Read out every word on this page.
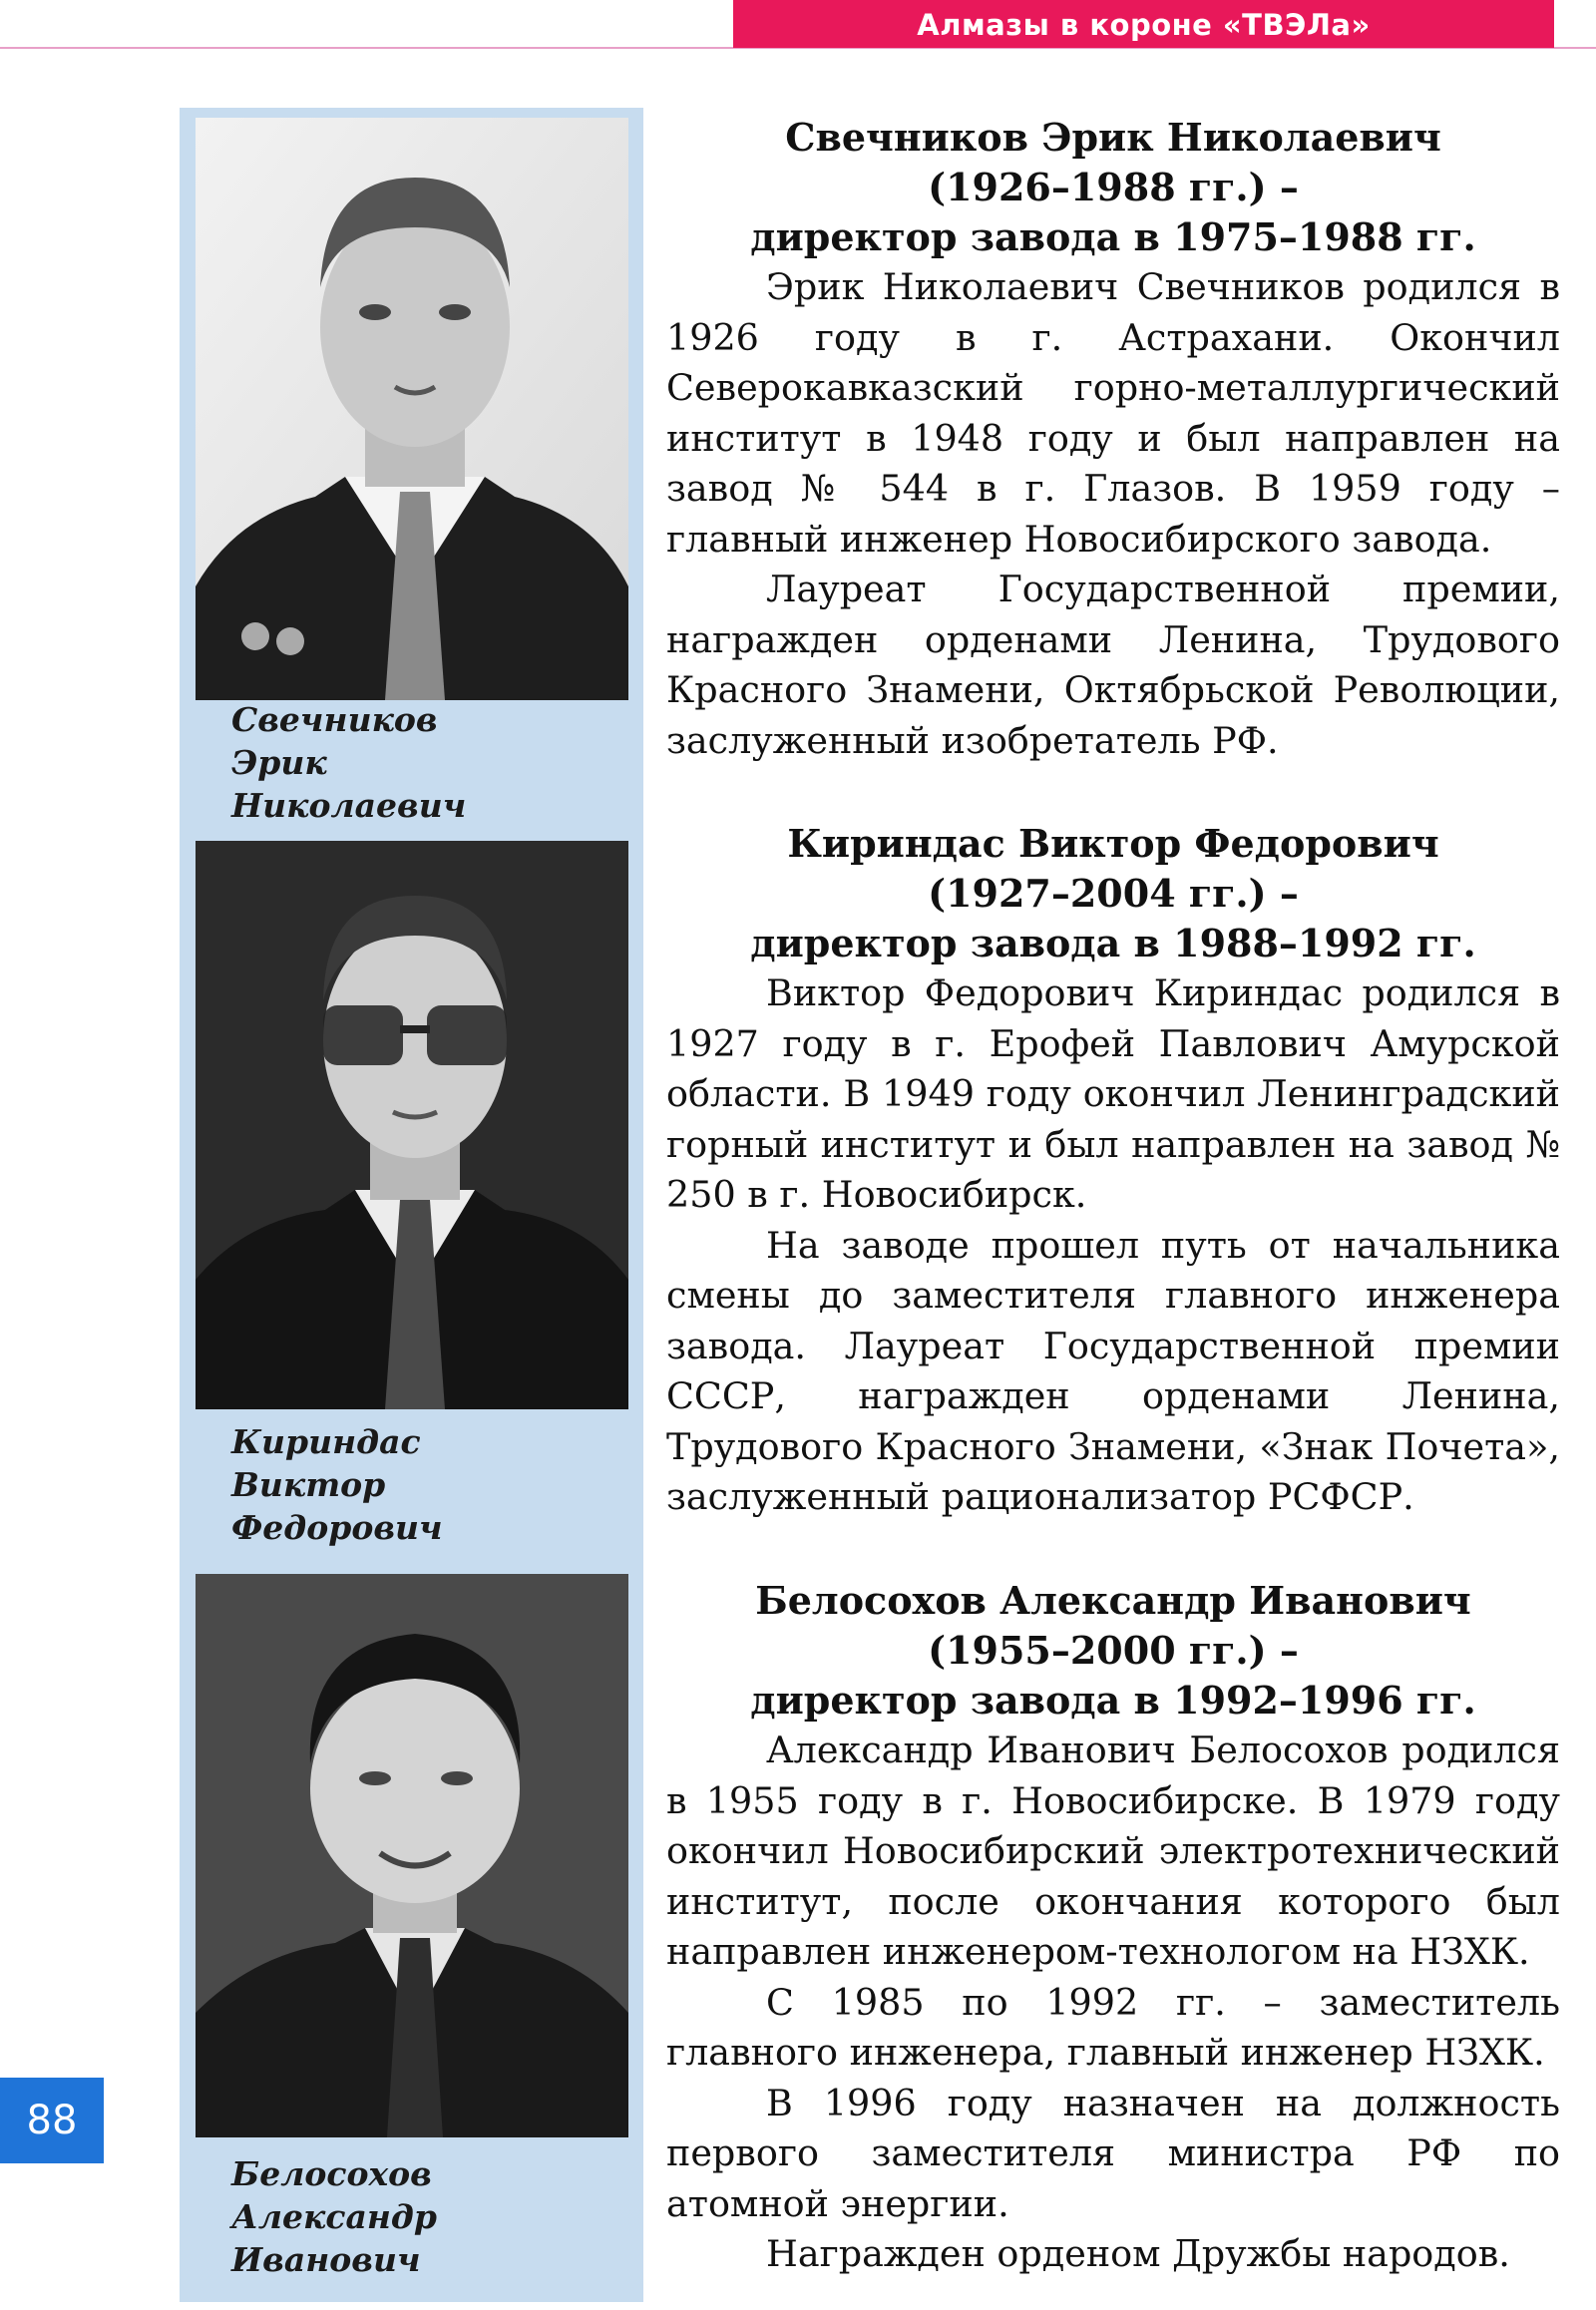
Алмазы в короне «ТВЭЛа»
Свечников
Эрик
Николаевич
Кириндас
Виктор
Федорович
Белосохов
Александр
Иванович
Свечников Эрик Николаевич
(1926–1988 гг.) –
директор завода в 1975–1988 гг.

Эрик Николаевич Свечников родился в 1926 году в г. Астрахани. Окончил Северокавказский горно-металлургический институт в 1948 году и был направлен на завод № 544 в г. Глазов. В 1959 году – главный инженер Новосибирского завода.

Лауреат Государственной премии, награжден орденами Ленина, Трудового Красного Знамени, Октябрьской Революции, заслуженный изобретатель РФ.

Кириндас Виктор Федорович
(1927–2004 гг.) –
директор завода в 1988–1992 гг.

Виктор Федорович Кириндас родился в 1927 году в г. Ерофей Павлович Амурской области. В 1949 году окончил Ленинградский горный институт и был направлен на завод № 250 в г. Новосибирск.

На заводе прошел путь от начальника смены до заместителя главного инженера завода. Лауреат Государственной премии СССР, награжден орденами Ленина, Трудового Красного Знамени, «Знак Почета», заслуженный рационализатор РСФСР.

Белосохов Александр Иванович
(1955–2000 гг.) –
директор завода в 1992–1996 гг.

Александр Иванович Белосохов родился в 1955 году в г. Новосибирске. В 1979 году окончил Новосибирский электротехнический институт, после окончания которого был направлен инженером-технологом на НЗХК.

С 1985 по 1992 гг. – заместитель главного инженера, главный инженер НЗХК.

В 1996 году назначен на должность первого заместителя министра РФ по атомной энергии.

Награжден орденом Дружбы народов.

88
